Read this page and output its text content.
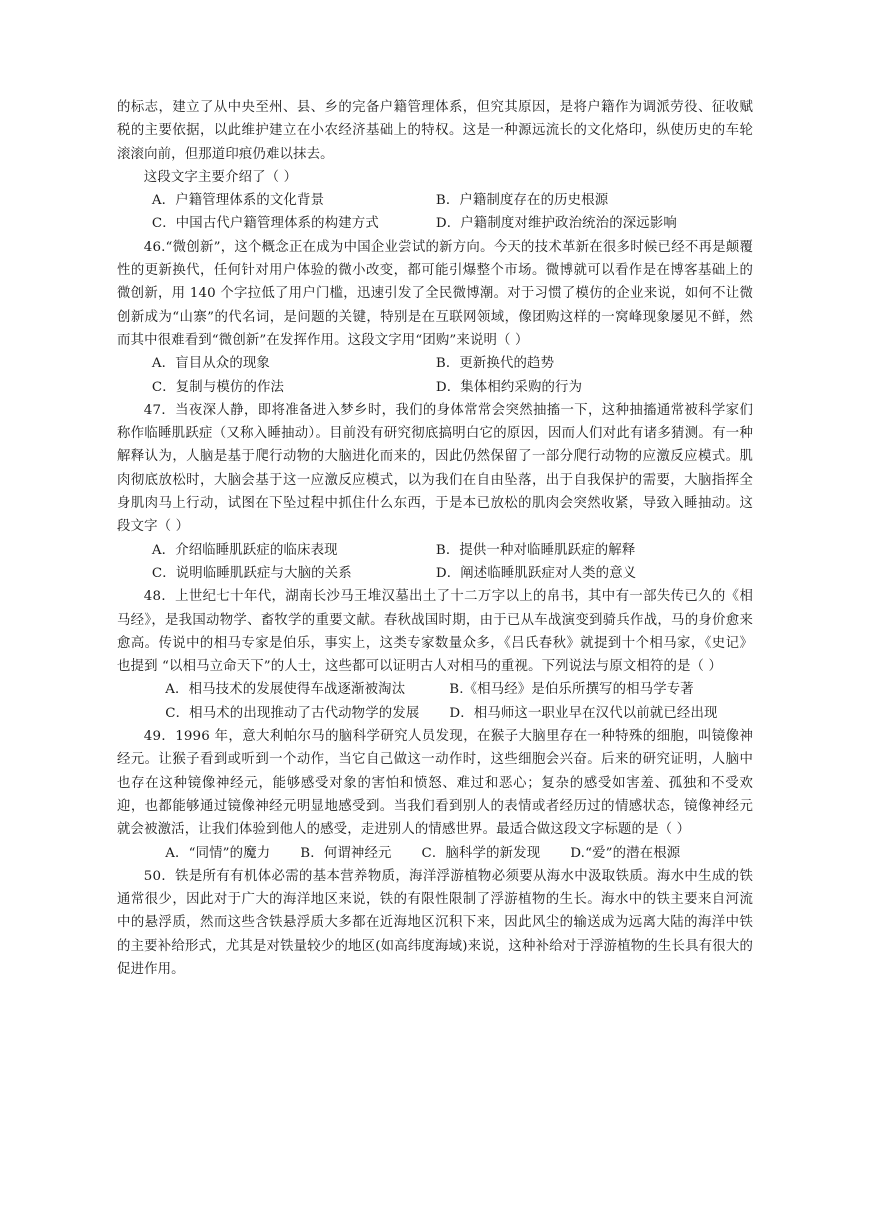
的标志，建立了从中央至州、县、乡的完备户籍管理体系，但究其原因，是将户籍作为调派劳役、征收赋税的主要依据，以此维护建立在小农经济基础上的特权。这是一种源远流长的文化烙印，纵使历史的车轮滚滚向前，但那道印痕仍难以抹去。

这段文字主要介绍了（ ）

A．户籍管理体系的文化背景	B．户籍制度存在的历史根源
C．中国古代户籍管理体系的构建方式	D．户籍制度对维护政治统治的深远影响

46.“微创新”，这个概念正在成为中国企业尝试的新方向。今天的技术革新在很多时候已经不再是颠覆性的更新换代，任何针对用户体验的微小改变，都可能引爆整个市场。微博就可以看作是在博客基础上的微创新，用 140 个字拉低了用户门槛，迅速引发了全民微博潮。对于习惯了模仿的企业来说，如何不让微创新成为“山寨”的代名词，是问题的关键，特别是在互联网领域，像团购这样的一窝峰现象屡见不鲜，然而其中很难看到“微创新”在发挥作用。这段文字用“团购”来说明（ ）

A．盲目从众的现象	B．更新换代的趋势
C．复制与模仿的作法	D．集体相约采购的行为

47．当夜深人静，即将准备进入梦乡时，我们的身体常常会突然抽搐一下，这种抽搐通常被科学家们称作临睡肌跃症（又称入睡抽动）。目前没有研究彻底搞明白它的原因，因而人们对此有诸多猜测。有一种解释认为，人脑是基于爬行动物的大脑进化而来的，因此仍然保留了一部分爬行动物的应激反应模式。肌肉彻底放松时，大脑会基于这一应激反应模式，以为我们在自由坠落，出于自我保护的需要，大脑指挥全身肌肉马上行动，试图在下坠过程中抓住什么东西，于是本已放松的肌肉会突然收紧，导致入睡抽动。这段文字（ ）

A．介绍临睡肌跃症的临床表现	B．提供一种对临睡肌跃症的解释
C．说明临睡肌跃症与大脑的关系	D．阐述临睡肌跃症对人类的意义

48．上世纪七十年代，湖南长沙马王堆汉墓出土了十二万字以上的帛书，其中有一部失传已久的《相马经》，是我国动物学、畜牧学的重要文献。春秋战国时期，由于已从车战演变到骑兵作战，马的身价愈来愈高。传说中的相马专家是伯乐，事实上，这类专家数量众多，《吕氏春秋》就提到十个相马家，《史记》也提到 “以相马立命天下”的人士，这些都可以证明古人对相马的重视。下列说法与原文相符的是（ ）

A．相马技术的发展使得车战逐渐被淘汰	B.《相马经》是伯乐所撰写的相马学专著

C．相马术的出现推动了古代动物学的发展 D．相马师这一职业早在汉代以前就已经出现

49．1996 年，意大利帕尔马的脑科学研究人员发现，在猴子大脑里存在一种特殊的细胞，叫镜像神经元。让猴子看到或听到一个动作，当它自己做这一动作时，这些细胞会兴奋。后来的研究证明，人脑中也存在这种镜像神经元，能够感受对象的害怕和愤怒、难过和恶心；复杂的感受如害羞、孤独和不受欢迎，也都能够通过镜像神经元明显地感受到。当我们看到别人的表情或者经历过的情感状态，镜像神经元就会被激活，让我们体验到他人的感受，走进别人的情感世界。最适合做这段文字标题的是（ ）

A．“同情”的魔力 B．何谓神经元 C．脑科学的新发现 D.“爱”的潜在根源

50．铁是所有有机体必需的基本营养物质，海洋浮游植物必须要从海水中汲取铁质。海水中生成的铁通常很少，因此对于广大的海洋地区来说，铁的有限性限制了浮游植物的生长。海水中的铁主要来自河流中的悬浮质，然而这些含铁悬浮质大多都在近海地区沉积下来，因此风尘的输送成为远离大陆的海洋中铁的主要补给形式，尤其是对铁量较少的地区(如高纬度海域)来说，这种补给对于浮游植物的生长具有很大的促进作用。
